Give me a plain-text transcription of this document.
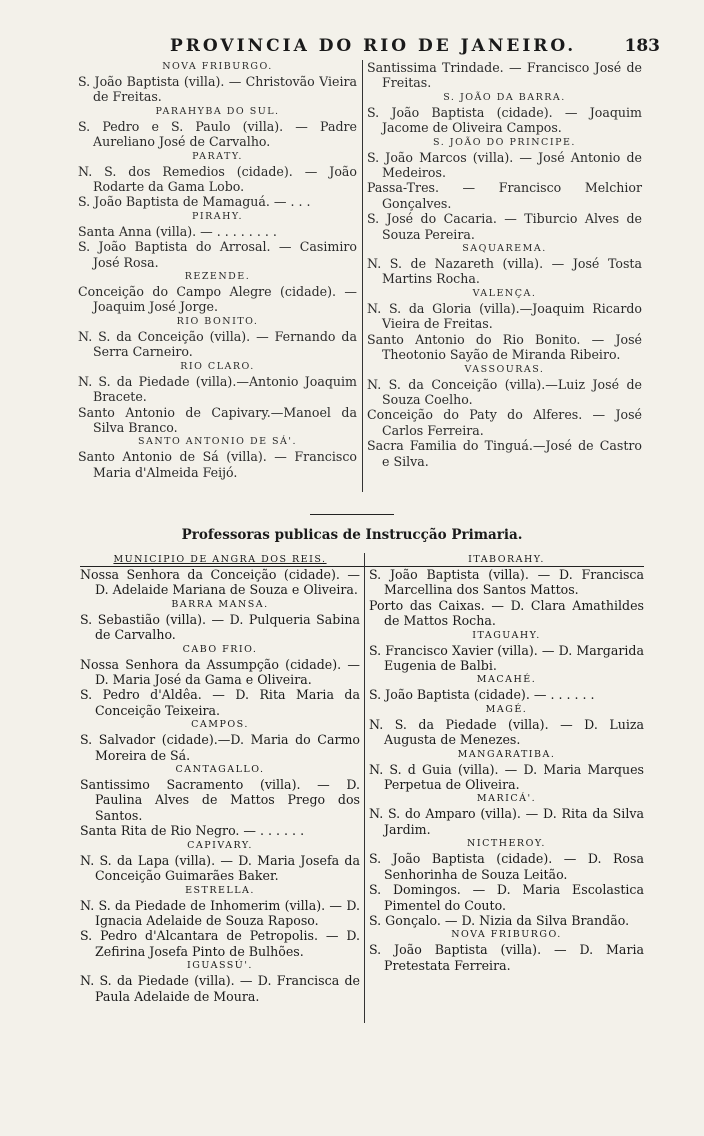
PROVINCIA DO RIO DE JANEIRO.	183

NOVA FRIBURGO.

S. João Baptista (villa). — Christovão Vieira de Freitas.

PARAHYBA DO SUL.

S. Pedro e S. Paulo (villa). — Padre Aureliano José de Carvalho.

PARATY.

N. S. dos Remedios (cidade). — João Rodarte da Gama Lobo.

S. João Baptista de Mamaguá. — . . .

PIRAHY.

Santa Anna (villa). — . . . . . . . .

S. João Baptista do Arrosal. — Casimiro José Rosa.

REZENDE.

Conceição do Campo Alegre (cidade). — Joaquim José Jorge.

RIO BONITO.

N. S. da Conceição (villa). — Fernando da Serra Carneiro.

RIO CLARO.

N. S. da Piedade (villa).—Antonio Joaquim Bracete.

Santo Antonio de Capivary.—Manoel da Silva Branco.

SANTO ANTONIO DE SÁ'.

Santo Antonio de Sá (villa). — Francisco Maria d'Almeida Feijó.

Santissima Trindade. — Francisco José de Freitas.

S. JOÃO DA BARRA.

S. João Baptista (cidade). — Joaquim Jacome de Oliveira Campos.

S. JOÃO DO PRINCIPE.

S. João Marcos (villa). — José Antonio de Medeiros.

Passa-Tres. — Francisco Melchior Gonçalves.

S. José do Cacaria. — Tiburcio Alves de Souza Pereira.

SAQUAREMA.

N. S. de Nazareth (villa). — José Tosta Martins Rocha.

VALENÇA.

N. S. da Gloria (villa).—Joaquim Ricardo Vieira de Freitas.

Santo Antonio do Rio Bonito. — José Theotonio Sayão de Miranda Ribeiro.

VASSOURAS.

N. S. da Conceição (villa).—Luiz José de Souza Coelho.

Conceição do Paty do Alferes. — José Carlos Ferreira.

Sacra Familia do Tinguá.—José de Castro e Silva.

Professoras publicas de Instrucção Primaria.

MUNICIPIO DE ANGRA DOS REIS.

Nossa Senhora da Conceição (cidade). — D. Adelaide Mariana de Souza e Oliveira.

BARRA MANSA.

S. Sebastião (villa). — D. Pulqueria Sabina de Carvalho.

CABO FRIO.

Nossa Senhora da Assumpção (cidade). —D. Maria José da Gama e Oliveira.

S. Pedro d'Aldêa. — D. Rita Maria da Conceição Teixeira.

CAMPOS.

S. Salvador (cidade).—D. Maria do Carmo Moreira de Sá.

CANTAGALLO.

Santissimo Sacramento (villa). — D. Paulina Alves de Mattos Prego dos Santos.

Santa Rita de Rio Negro. — . . . . . .

CAPIVARY.

N. S. da Lapa (villa). — D. Maria Josefa da Conceição Guimarães Baker.

ESTRELLA.

N. S. da Piedade de Inhomerim (villa). — D. Ignacia Adelaide de Souza Raposo.

S. Pedro d'Alcantara de Petropolis. — D. Zefirina Josefa Pinto de Bulhões.

IGUASSÚ'.

N. S. da Piedade (villa). — D. Francisca de Paula Adelaide de Moura.

ITABORAHY.

S. João Baptista (villa). — D. Francisca Marcellina dos Santos Mattos.

Porto das Caixas. — D. Clara Amathildes de Mattos Rocha.

ITAGUAHY.

S. Francisco Xavier (villa). — D. Margarida Eugenia de Balbi.

MACAHÉ.

S. João Baptista (cidade). — . . . . . .

MAGÉ.

N. S. da Piedade (villa). — D. Luiza Augusta de Menezes.

MANGARATIBA.

N. S. d Guia (villa). — D. Maria Marques Perpetua de Oliveira.

MARICÁ'.

N. S. do Amparo (villa). — D. Rita da Silva Jardim.

NICTHEROY.

S. João Baptista (cidade). — D. Rosa Senhorinha de Souza Leitão.

S. Domingos. — D. Maria Escolastica Pimentel do Couto.

S. Gonçalo. — D. Nizia da Silva Brandão.

NOVA FRIBURGO.

S. João Baptista (villa). — D. Maria Pretestata Ferreira.
